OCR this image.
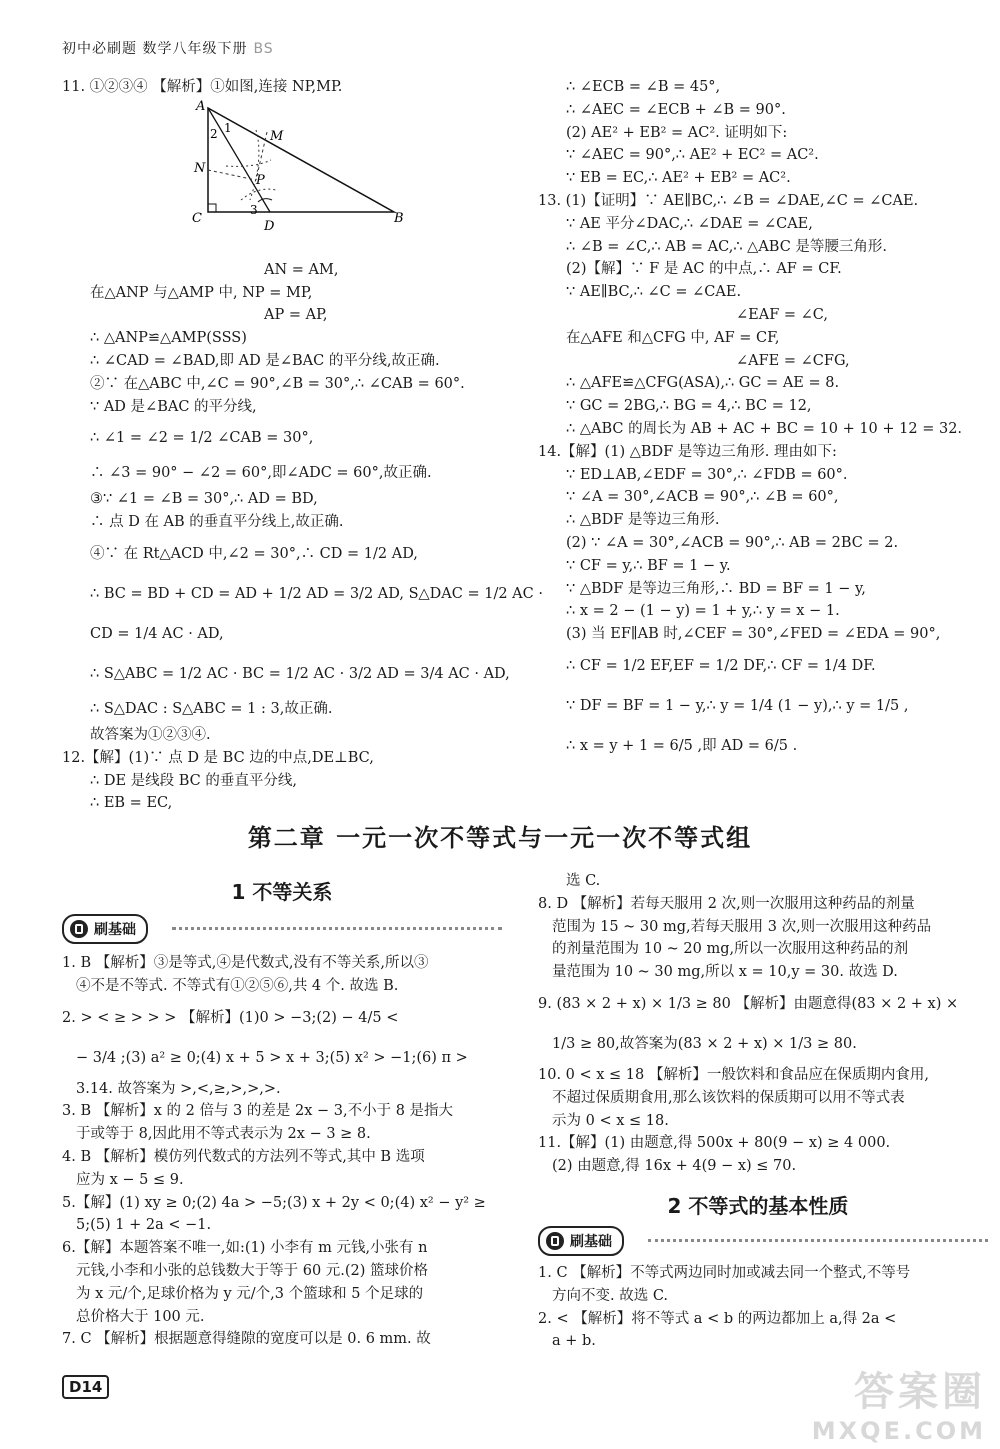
初中必刷题 数学八年级下册 BS
A
1
2	M
N
P
3
C
D
B
11. ①②③④ 【解析】①如图,连接 NP,MP.
AN = AM,
在△ANP 与△AMP 中, NP = MP,
AP = AP,
∴ △ANP≌△AMP(SSS)
∴ ∠CAD = ∠BAD,即 AD 是∠BAC 的平分线,故正确.
②∵ 在△ABC 中,∠C = 90°,∠B = 30°,∴ ∠CAB = 60°.
∵ AD 是∠BAC 的平分线,
∴ ∠1 = ∠2 = 1/2 ∠CAB = 30°,
∴ ∠3 = 90° − ∠2 = 60°,即∠ADC = 60°,故正确.
③∵ ∠1 = ∠B = 30°,∴ AD = BD,
∴ 点 D 在 AB 的垂直平分线上,故正确.
④∵ 在 Rt△ACD 中,∠2 = 30°,∴ CD = 1/2 AD,
∴ BC = BD + CD = AD + 1/2 AD = 3/2 AD, S△DAC = 1/2 AC ·
CD = 1/4 AC · AD,
∴ S△ABC = 1/2 AC · BC = 1/2 AC · 3/2 AD = 3/4 AC · AD,
∴ S△DAC : S△ABC = 1 : 3,故正确.
故答案为①②③④.
12.【解】(1)∵ 点 D 是 BC 边的中点,DE⊥BC,
∴ DE 是线段 BC 的垂直平分线,
∴ EB = EC,
∴ ∠ECB = ∠B = 45°,
∴ ∠AEC = ∠ECB + ∠B = 90°.
(2) AE² + EB² = AC². 证明如下:
∵ ∠AEC = 90°,∴ AE² + EC² = AC².
∵ EB = EC,∴ AE² + EB² = AC².
13. (1)【证明】∵ AE∥BC,∴ ∠B = ∠DAE,∠C = ∠CAE.
∵ AE 平分∠DAC,∴ ∠DAE = ∠CAE,
∴ ∠B = ∠C,∴ AB = AC,∴ △ABC 是等腰三角形.
(2)【解】∵ F 是 AC 的中点,∴ AF = CF.
∵ AE∥BC,∴ ∠C = ∠CAE.
∠EAF = ∠C,
在△AFE 和△CFG 中, AF = CF,
∠AFE = ∠CFG,
∴ △AFE≌△CFG(ASA),∴ GC = AE = 8.
∵ GC = 2BG,∴ BG = 4,∴ BC = 12,
∴ △ABC 的周长为 AB + AC + BC = 10 + 10 + 12 = 32.
14.【解】(1) △BDF 是等边三角形. 理由如下:
∵ ED⊥AB,∠EDF = 30°,∴ ∠FDB = 60°.
∵ ∠A = 30°,∠ACB = 90°,∴ ∠B = 60°,
∴ △BDF 是等边三角形.
(2) ∵ ∠A = 30°,∠ACB = 90°,∴ AB = 2BC = 2.
∵ CF = y,∴ BF = 1 − y.
∵ △BDF 是等边三角形,∴ BD = BF = 1 − y,
∴ x = 2 − (1 − y) = 1 + y,∴ y = x − 1.
(3) 当 EF∥AB 时,∠CEF = 30°,∠FED = ∠EDA = 90°,
∴ CF = 1/2 EF,EF = 1/2 DF,∴ CF = 1/4 DF.
∵ DF = BF = 1 − y,∴ y = 1/4 (1 − y),∴ y = 1/5 ,
∴ x = y + 1 = 6/5 ,即 AD = 6/5 .
第二章 一元一次不等式与一元一次不等式组
1 不等关系
刷基础
1. B 【解析】③是等式,④是代数式,没有不等关系,所以③
④不是不等式. 不等式有①②⑤⑥,共 4 个. 故选 B.
2. > < ≥ > > > 【解析】(1)0 > −3;(2) − 4/5 <
− 3/4 ;(3) a² ≥ 0;(4) x + 5 > x + 3;(5) x² > −1;(6) π >
3.14. 故答案为 >,<,≥,>,>,>.
3. B 【解析】x 的 2 倍与 3 的差是 2x − 3,不小于 8 是指大
于或等于 8,因此用不等式表示为 2x − 3 ≥ 8.
4. B 【解析】模仿列代数式的方法列不等式,其中 B 选项
应为 x − 5 ≤ 9.
5.【解】(1) xy ≥ 0;(2) 4a > −5;(3) x + 2y < 0;(4) x² − y² ≥
5;(5) 1 + 2a < −1.
6.【解】本题答案不唯一,如:(1) 小李有 m 元钱,小张有 n
元钱,小李和小张的总钱数大于等于 60 元.(2) 篮球价格
为 x 元/个,足球价格为 y 元/个,3 个篮球和 5 个足球的
总价格大于 100 元.
7. C 【解析】根据题意得缝隙的宽度可以是 0. 6 mm. 故
选 C.
8. D 【解析】若每天服用 2 次,则一次服用这种药品的剂量
范围为 15 ~ 30 mg,若每天服用 3 次,则一次服用这种药品
的剂量范围为 10 ~ 20 mg,所以一次服用这种药品的剂
量范围为 10 ~ 30 mg,所以 x = 10,y = 30. 故选 D.
9. (83 × 2 + x) × 1/3 ≥ 80 【解析】由题意得(83 × 2 + x) ×
1/3 ≥ 80,故答案为(83 × 2 + x) × 1/3 ≥ 80.
10. 0 < x ≤ 18 【解析】一般饮料和食品应在保质期内食用,
不超过保质期食用,那么该饮料的保质期可以用不等式表
示为 0 < x ≤ 18.
11.【解】(1) 由题意,得 500x + 80(9 − x) ≥ 4 000.
(2) 由题意,得 16x + 4(9 − x) ≤ 70.
2 不等式的基本性质
刷基础
1. C 【解析】不等式两边同时加或减去同一个整式,不等号
方向不变. 故选 C.
2. < 【解析】将不等式 a < b 的两边都加上 a,得 2a <
a + b.
D14	答案圈
MXQE.COM
